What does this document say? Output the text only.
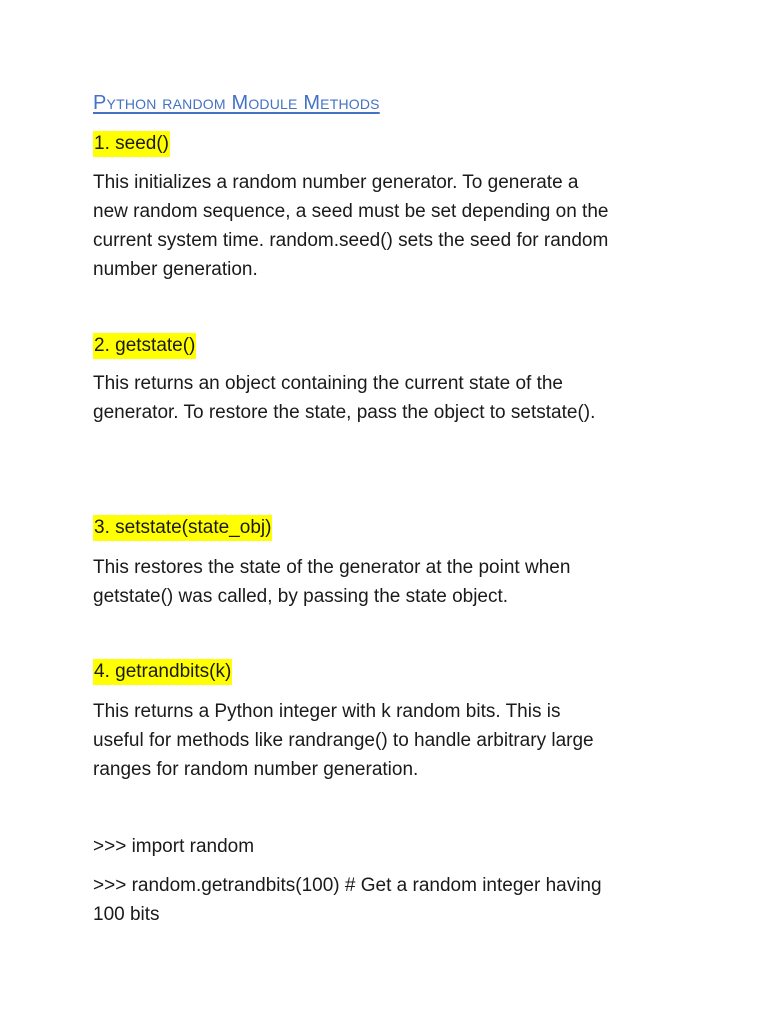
Python random Module Methods
1. seed()

This initializes a random number generator. To generate a
new random sequence, a seed must be set depending on the
current system time. random.seed() sets the seed for random
number generation.

2. getstate()

This returns an object containing the current state of the
generator. To restore the state, pass the object to setstate().

3. setstate(state_obj)

This restores the state of the generator at the point when
getstate() was called, by passing the state object.

4. getrandbits(k)

This returns a Python integer with k random bits. This is
useful for methods like randrange() to handle arbitrary large
ranges for random number generation.

>>> import random

>>> random.getrandbits(100) # Get a random integer having
100 bits
